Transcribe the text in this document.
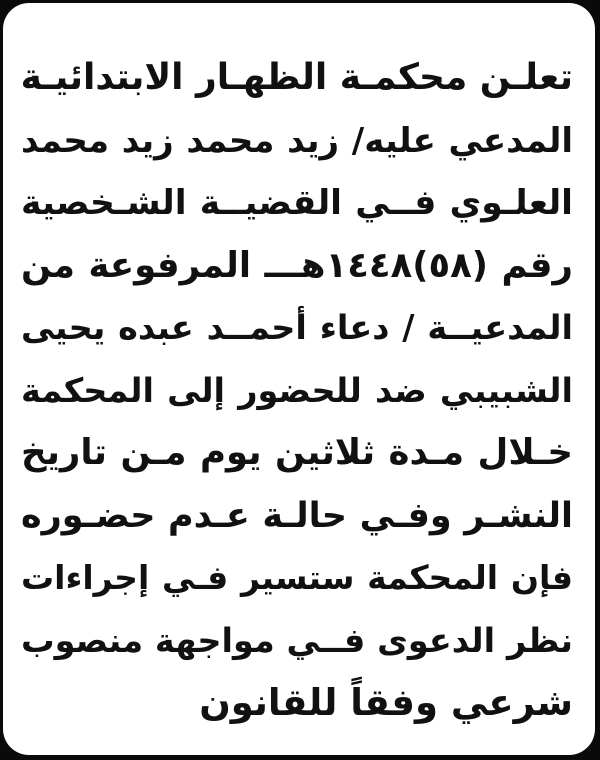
تعلـن محكمـة الظهـار الابتدائيـة
المدعي عليه/ زيد محمد زيد محمد
العلـوي فــي القضيــة الشـخصية
رقم (٥٨)١٤٤٨ھـــ المرفوعة من
المدعيــة / دعاء أحمــد عبده يحيى
الشبيبي ضد للحضور إلى المحكمة
خـلال مـدة ثلاثين يوم مـن تاريخ
النشـر وفـي حالـة عـدم حضـوره
فإن المحكمة ستسير فـي إجراءات
نظر الدعوى فــي مواجهة منصوب
شرعي وفقاً للقانون
